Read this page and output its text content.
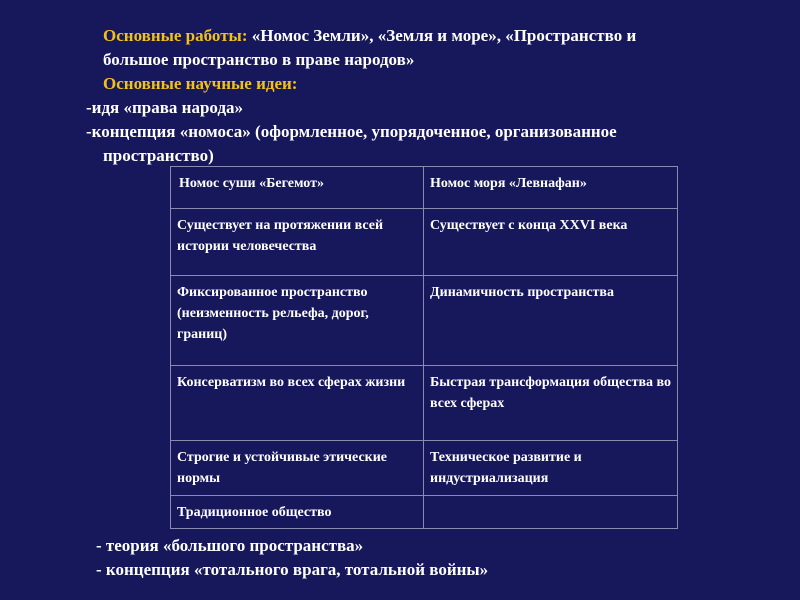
Основные работы: «Номос Земли», «Земля и море», «Пространство и
большое пространство в праве народов»
Основные научные идеи:
-идя «права народа»
-концепция «номоса» (оформленное, упорядоченное, организованное
пространство)
Номос суши «Бегемот»	Номос моря «Левнафан»
Существует на протяжении всей истории человечества	Существует с конца XXVI века
Фиксированное пространство (неизменность рельефа, дорог, границ)	Динамичность пространства
Консерватизм во всех сферах жизни	Быстрая трансформация общества во всех сферах
Строгие и устойчивые этические нормы	Техническое развитие и индустриализация
Традиционное общество	
- теория «большого пространства»
- концепция «тотального врага, тотальной войны»
